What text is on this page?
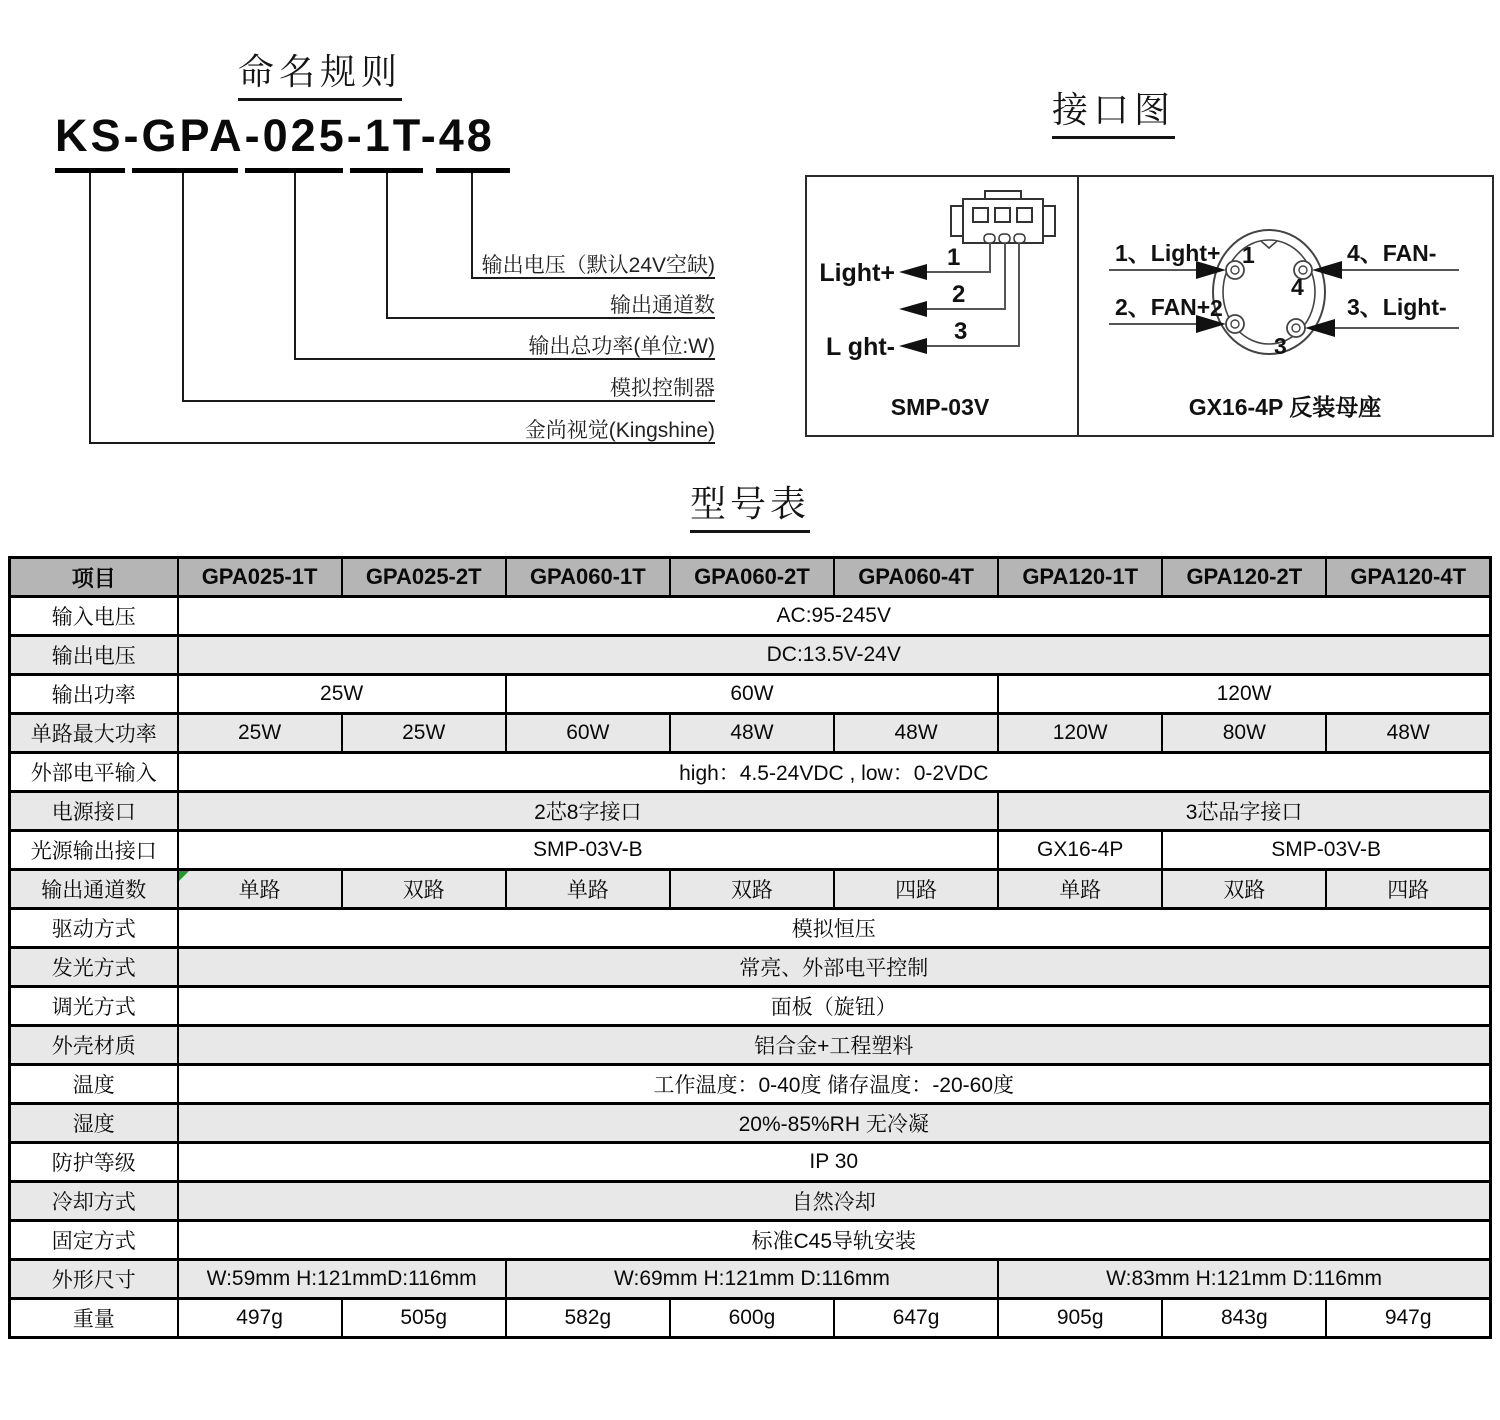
命名规则
KS-GPA-025-1T-48
输出电压（默认24V空缺)
输出通道数
输出总功率(单位:W)
模拟控制器
金尚视觉(Kingshine)
接口图
1
2
3
Light+
L ght-
SMP-03V
1
2
3
4
1、Light+
2、FAN+
4、FAN-
3、Light-
GX16-4P 反装母座
型号表
项目	GPA025-1T	GPA025-2T	GPA060-1T	GPA060-2T	GPA060-4T	GPA120-1T	GPA120-2T	GPA120-4T
输入电压	AC:95-245V							
输出电压	DC:13.5V-24V							
输出功率	25W		60W			120W		
单路最大功率	25W	25W	60W	48W	48W	120W	80W	48W
外部电平输入	high：4.5-24VDC , low：0-2VDC							
电源接口	2芯8字接口					3芯品字接口		
光源输出接口	SMP-03V-B					GX16-4P	SMP-03V-B	
输出通道数	单路	双路	单路	双路	四路	单路	双路	四路
驱动方式	模拟恒压							
发光方式	常亮、外部电平控制							
调光方式	面板（旋钮）							
外壳材质	铝合金+工程塑料							
温度	工作温度：0-40度 储存温度：-20-60度							
湿度	20%-85%RH 无冷凝							
防护等级	IP 30							
冷却方式	自然冷却							
固定方式	标准C45导轨安装							
外形尺寸	W:59mm H:121mmD:116mm		W:69mm H:121mm D:116mm			W:83mm H:121mm D:116mm		
重量	497g	505g	582g	600g	647g	905g	843g	947g
